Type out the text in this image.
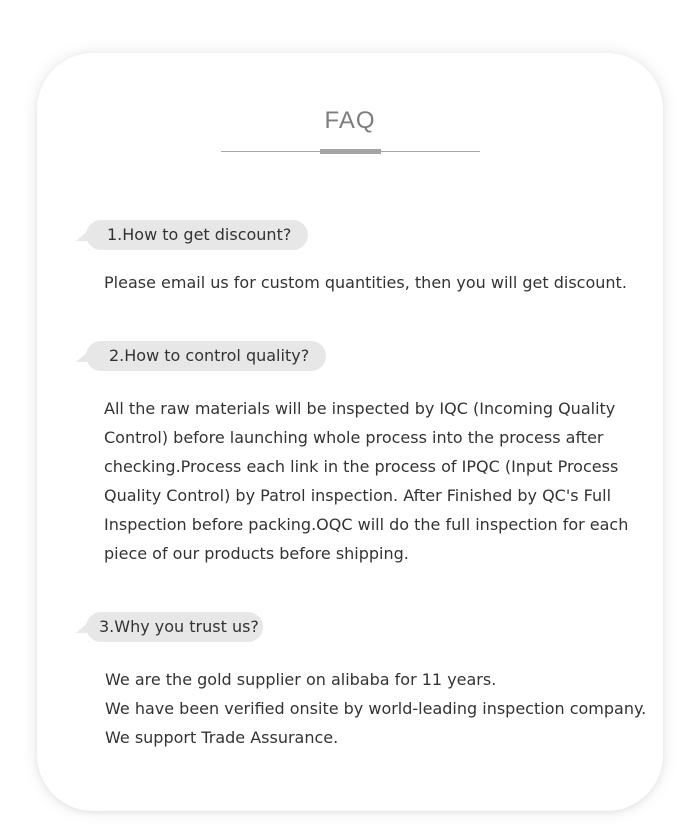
FAQ
1.How to get discount?
Please email us for custom quantities, then you will get discount.
2.How to control quality?
All the raw materials will be inspected by IQC (Incoming Quality
Control) before launching whole process into the process after
checking.Process each link in the process of IPQC (Input Process
Quality Control) by Patrol inspection. After Finished by QC's Full
Inspection before packing.OQC will do the full inspection for each
piece of our products before shipping.
3.Why you trust us?
We are the gold supplier on alibaba for 11 years.
We have been verified onsite by world-leading inspection company.
We support Trade Assurance.
